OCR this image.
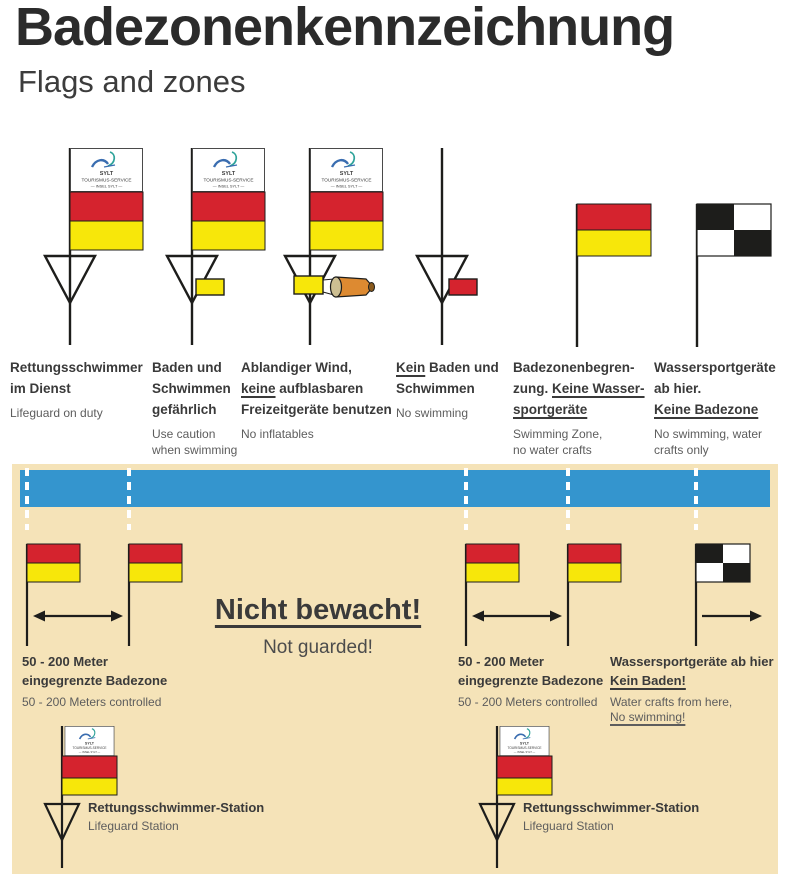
Badezonenkennzeichnung
Flags and zones
Rettungsschwimmer
im Dienst
Lifeguard on duty
Baden und
Schwimmen
gefährlich
Use caution
when swimming
Ablandiger Wind,
keine aufblasbaren
Freizeitgeräte benutzen
No inflatables
Kein Baden und
Schwimmen
No swimming
Badezonenbegren-
zung. Keine Wasser-
sportgeräte
Swimming Zone,
no water crafts
Wassersportgeräte
ab hier.
Keine Badezone
No swimming, water
crafts only
50 - 200 Meter
eingegrenzte Badezone
50 - 200 Meters controlled
Nicht bewacht!
Not guarded!
50 - 200 Meter
eingegrenzte Badezone
50 - 200 Meters controlled
Wassersportgeräte ab hier
Kein Baden!
Water crafts from here,
No swimming!
Rettungsschwimmer-Station
Lifeguard Station
Rettungsschwimmer-Station
Lifeguard Station
